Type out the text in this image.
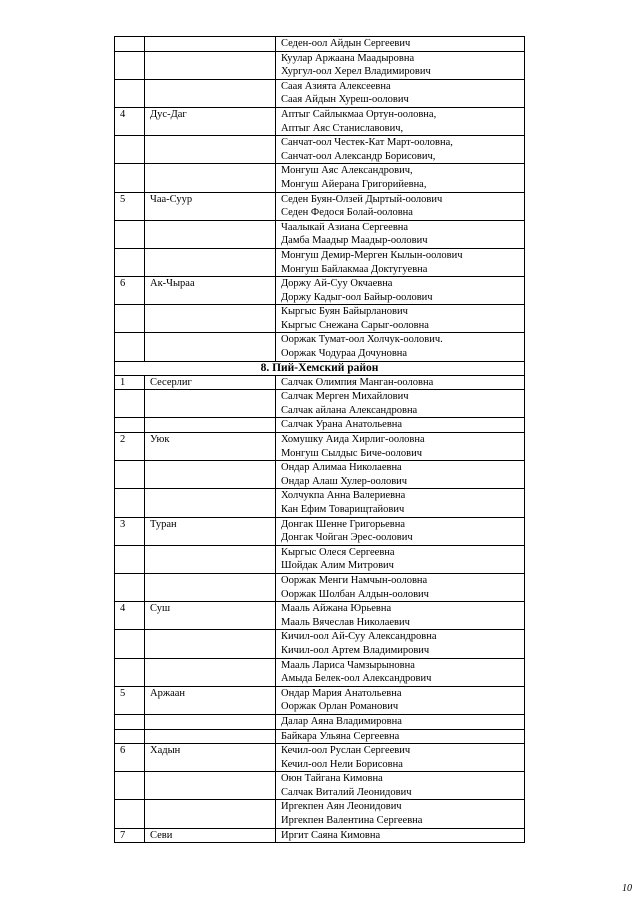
		Седен-оол Айдын Сергеевич

		Куулар Аржаана Маадыровна
Хургул-оол Херел Владимирович

		Саая Азията Алексеевна
Саая Айдын Хуреш-оолович

4	Дус-Даг	Аптыг Сайлыкмаа Ортун-ооловна,
Аптыг Аяс Станиславович,

		Санчат-оол Честек-Кат Март-ооловна,
Санчат-оол Александр Борисович,

		Монгуш Аяс Александрович,
Монгуш Айерана Григорийевна,

5	Чаа-Суур	Седен Буян-Олзей Дыртый-оолович
Седен Федося Болай-ооловна

		Чаалыкай Азиана Сергеевна
Дамба Маадыр Маадыр-оолович

		Монгуш Демир-Мерген Кылын-оолович
Монгуш Байлакмаа Доктугуевна

6	Ак-Чыраа	Доржу Ай-Суу Окчаевна
Доржу Кадыг-оол Байыр-оолович

		Кыргыс Буян Байырланович
Кыргыс Снежана Сарыг-ооловна

		Ооржак Тумат-оол Холчук-оолович.
Ооржак Чодураа Дочуновна

8. Пий-Хемский район		
1	Сесерлиг	Салчак Олимпия Манган-ооловна

		Салчак Мерген Михайлович
Салчак айлана Александровна

		Салчак Урана Анатольевна

2	Уюк	Хомушку Аида Хирлиг-ооловна
Монгуш Сылдыс Биче-оолович

		Ондар Алимаа Николаевна
Ондар Алаш Хулер-оолович

		Холчукпа Анна Валериевна
Кан Ефим Товарищтайович

3	Туран	Донгак Шенне Григорьевна
Донгак Чойган Эрес-оолович

		Кыргыс Олеся Сергеевна
Шойдак Алим Митрович

		Ооржак Менги Намчын-ооловна
Ооржак Шолбан Алдын-оолович

4	Суш	Мааль Айжана Юрьевна
Мааль Вячеслав Николаевич

		Кичил-оол Ай-Суу Александровна
Кичил-оол Артем Владимирович

		Мааль Лариса Чамзырыновна
Амыда Белек-оол Александрович

5	Аржаан	Ондар Мария Анатольевна
Ооржак Орлан Романович

		Далар Аяна Владимировна

		Байкара Ульяна Сергеевна

6	Хадын	Кечил-оол Руслан Сергеевич
Кечил-оол Нели Борисовна

		Оюн Тайгана Кимовна
Салчак Виталий Леонидович

		Иргекпен Аян Леонидович
Иргекпен Валентина Сергеевна

7	Севи	Иргит Саяна Кимовна
10
